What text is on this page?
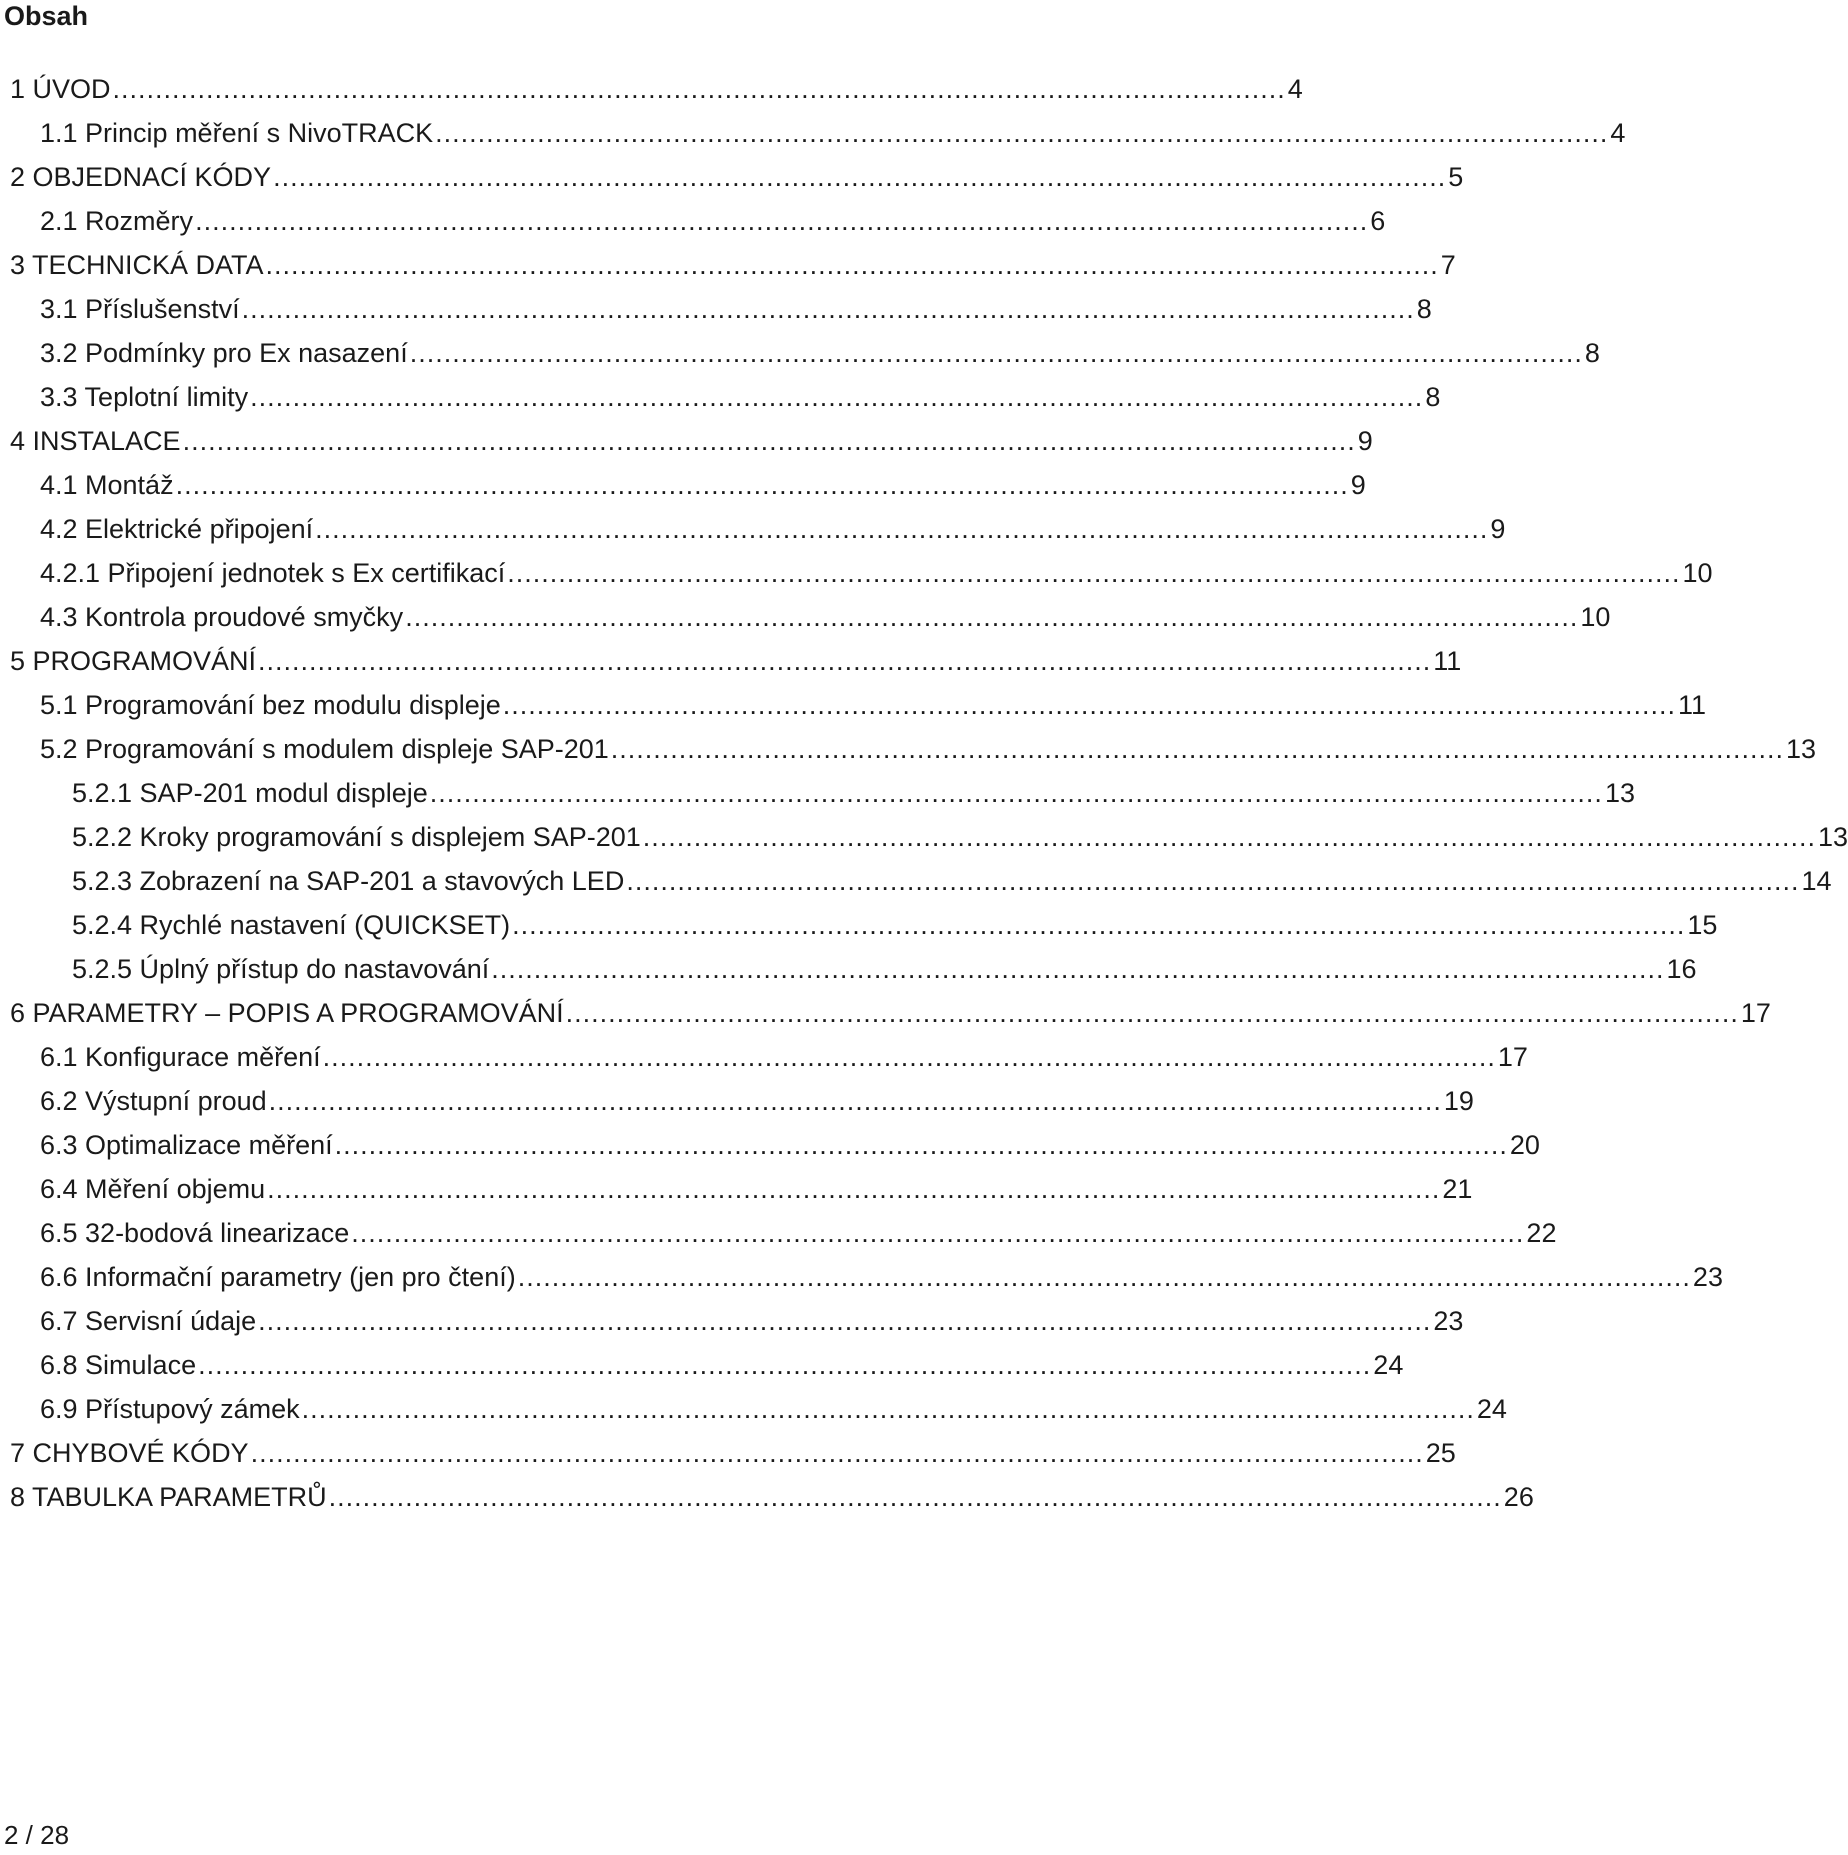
Obsah
1 ÚVOD .......................................................................................................................................... 4
1.1 Princip měření s NivoTRACK .......................................................................................................................................... 4
2 OBJEDNACÍ KÓDY .......................................................................................................................................... 5
2.1 Rozměry .......................................................................................................................................... 6
3 TECHNICKÁ DATA .......................................................................................................................................... 7
3.1 Příslušenství .......................................................................................................................................... 8
3.2 Podmínky pro Ex nasazení .......................................................................................................................................... 8
3.3 Teplotní limity .......................................................................................................................................... 8
4 INSTALACE .......................................................................................................................................... 9
4.1 Montáž .......................................................................................................................................... 9
4.2 Elektrické připojení .......................................................................................................................................... 9
4.2.1 Připojení jednotek s Ex certifikací .......................................................................................................................................... 10
4.3 Kontrola proudové smyčky .......................................................................................................................................... 10
5 PROGRAMOVÁNÍ .......................................................................................................................................... 11
5.1 Programování bez modulu displeje .......................................................................................................................................... 11
5.2 Programování s modulem displeje SAP-201 .......................................................................................................................................... 13
5.2.1 SAP-201 modul displeje .......................................................................................................................................... 13
5.2.2 Kroky programování s displejem SAP-201 .......................................................................................................................................... 13
5.2.3 Zobrazení na SAP-201 a stavových LED .......................................................................................................................................... 14
5.2.4 Rychlé nastavení (QUICKSET) .......................................................................................................................................... 15
5.2.5 Úplný přístup do nastavování .......................................................................................................................................... 16
6 PARAMETRY – POPIS A PROGRAMOVÁNÍ .......................................................................................................................................... 17
6.1 Konfigurace měření .......................................................................................................................................... 17
6.2 Výstupní proud .......................................................................................................................................... 19
6.3 Optimalizace měření .......................................................................................................................................... 20
6.4 Měření objemu .......................................................................................................................................... 21
6.5 32-bodová linearizace .......................................................................................................................................... 22
6.6 Informační parametry (jen pro čtení) .......................................................................................................................................... 23
6.7 Servisní údaje .......................................................................................................................................... 23
6.8 Simulace .......................................................................................................................................... 24
6.9 Přístupový zámek .......................................................................................................................................... 24
7 CHYBOVÉ KÓDY .......................................................................................................................................... 25
8 TABULKA PARAMETRŮ .......................................................................................................................................... 26
2 / 28
